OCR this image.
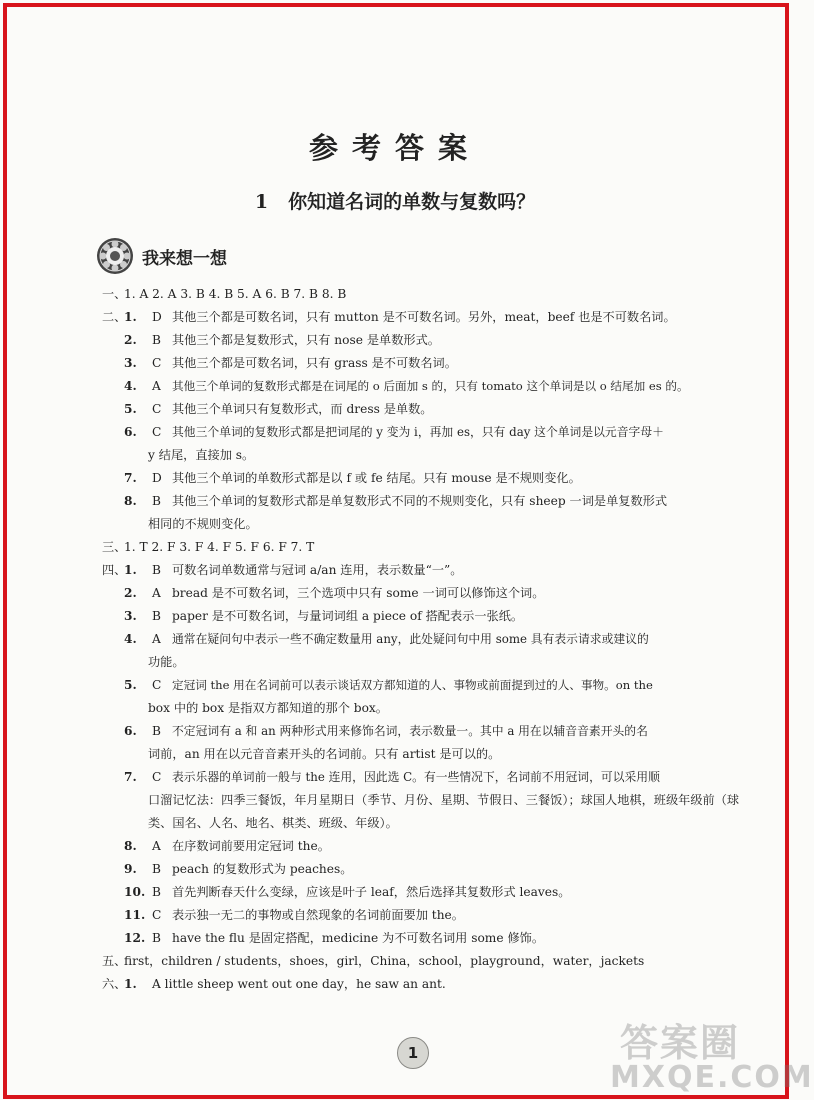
参考答案
1 你知道名词的单数与复数吗？
我来想一想
一、
1. A 2. A 3. B 4. B 5. A 6. B 7. B 8. B
二、
1.	D 其他三个都是可数名词，只有 mutton 是不可数名词。另外，meat，beef 也是不可数名词。
2.	B 其他三个都是复数形式，只有 nose 是单数形式。
3.	C 其他三个都是可数名词，只有 grass 是不可数名词。
4.	A 其他三个单词的复数形式都是在词尾的 o 后面加 s 的，只有 tomato 这个单词是以 o 结尾加 es 的。
5.	C 其他三个单词只有复数形式，而 dress 是单数。
6.	C 其他三个单词的复数形式都是把词尾的 y 变为 i，再加 es，只有 day 这个单词是以元音字母＋
y 结尾，直接加 s。
7.	D 其他三个单词的单数形式都是以 f 或 fe 结尾。只有 mouse 是不规则变化。
8.	B 其他三个单词的复数形式都是单复数形式不同的不规则变化，只有 sheep 一词是单复数形式
相同的不规则变化。
三、
1. T 2. F 3. F 4. F 5. F 6. F 7. T
四、
1.	B 可数名词单数通常与冠词 a/an 连用，表示数量“一”。
2.	A bread 是不可数名词，三个选项中只有 some 一词可以修饰这个词。
3.	B paper 是不可数名词，与量词词组 a piece of 搭配表示一张纸。
4.	A 通常在疑问句中表示一些不确定数量用 any，此处疑问句中用 some 具有表示请求或建议的
功能。
5.	C 定冠词 the 用在名词前可以表示谈话双方都知道的人、事物或前面提到过的人、事物。on the
box 中的 box 是指双方都知道的那个 box。
6.	B 不定冠词有 a 和 an 两种形式用来修饰名词，表示数量一。其中 a 用在以辅音音素开头的名
词前，an 用在以元音音素开头的名词前。只有 artist 是可以的。
7.	C 表示乐器的单词前一般与 the 连用，因此选 C。有一些情况下，名词前不用冠词，可以采用顺
口溜记忆法：四季三餐饭，年月星期日（季节、月份、星期、节假日、三餐饭）；球国人地棋，班级年级前（球类、国名、人名、地名、棋类、班级、年级）。
8.	A 在序数词前要用定冠词 the。
9.	B peach 的复数形式为 peaches。
10. B 首先判断春天什么变绿，应该是叶子 leaf，然后选择其复数形式 leaves。
11. C 表示独一无二的事物或自然现象的名词前面要加 the。
12. B have the flu 是固定搭配，medicine 为不可数名词用 some 修饰。
五、
first，children / students，shoes，girl，China，school，playground，water，jackets
六、
1.	A little sheep went out one day，he saw an ant.
1	答案圈
MXQE.COM
